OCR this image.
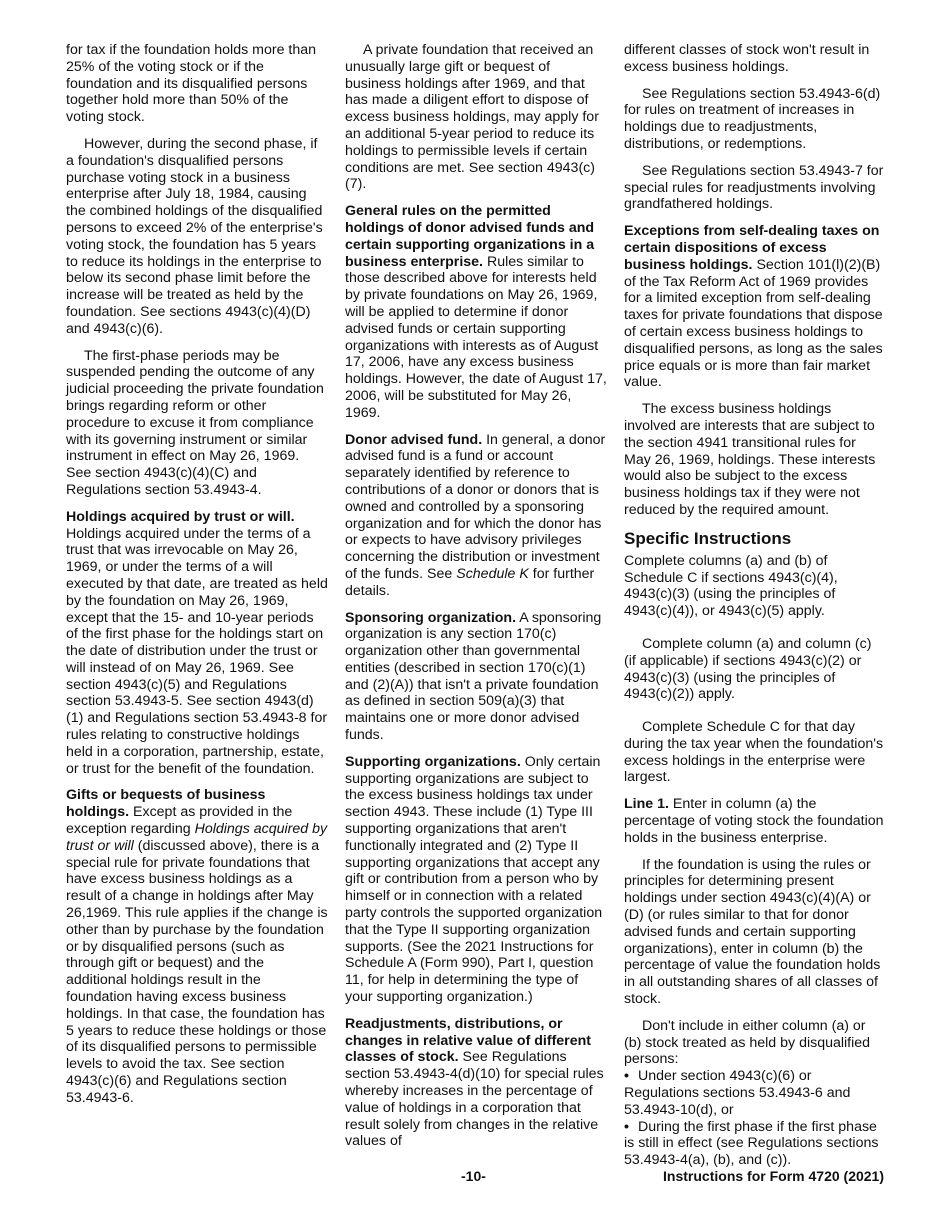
for tax if the foundation holds more than 25% of the voting stock or if the foundation and its disqualified persons together hold more than 50% of the voting stock.

However, during the second phase, if a foundation's disqualified persons purchase voting stock in a business enterprise after July 18, 1984, causing the combined holdings of the disqualified persons to exceed 2% of the enterprise's voting stock, the foundation has 5 years to reduce its holdings in the enterprise to below its second phase limit before the increase will be treated as held by the foundation. See sections 4943(c)(4)(D) and 4943(c)(6).

The first-phase periods may be suspended pending the outcome of any judicial proceeding the private foundation brings regarding reform or other procedure to excuse it from compliance with its governing instrument or similar instrument in effect on May 26, 1969. See section 4943(c)(4)(C) and Regulations section 53.4943-4.

Holdings acquired by trust or will.
Holdings acquired under the terms of a trust that was irrevocable on May 26, 1969, or under the terms of a will executed by that date, are treated as held by the foundation on May 26, 1969, except that the 15- and 10-year periods of the first phase for the holdings start on the date of distribution under the trust or will instead of on May 26, 1969. See section 4943(c)(5) and Regulations section 53.4943-5. See section 4943(d)(1) and Regulations section 53.4943-8 for rules relating to constructive holdings held in a corporation, partnership, estate, or trust for the benefit of the foundation.

Gifts or bequests of business holdings. Except as provided in the exception regarding Holdings acquired by trust or will (discussed above), there is a special rule for private foundations that have excess business holdings as a result of a change in holdings after May 26,1969. This rule applies if the change is other than by purchase by the foundation or by disqualified persons (such as through gift or bequest) and the additional holdings result in the foundation having excess business holdings. In that case, the foundation has 5 years to reduce these holdings or those of its disqualified persons to permissible levels to avoid the tax. See section 4943(c)(6) and Regulations section 53.4943-6.

A private foundation that received an unusually large gift or bequest of business holdings after 1969, and that has made a diligent effort to dispose of excess business holdings, may apply for an additional 5-year period to reduce its holdings to permissible levels if certain conditions are met. See section 4943(c)(7).

General rules on the permitted holdings of donor advised funds and certain supporting organizations in a business enterprise. Rules similar to those described above for interests held by private foundations on May 26, 1969, will be applied to determine if donor advised funds or certain supporting organizations with interests as of August 17, 2006, have any excess business holdings. However, the date of August 17, 2006, will be substituted for May 26, 1969.

Donor advised fund. In general, a donor advised fund is a fund or account separately identified by reference to contributions of a donor or donors that is owned and controlled by a sponsoring organization and for which the donor has or expects to have advisory privileges concerning the distribution or investment of the funds. See Schedule K for further details.

Sponsoring organization. A sponsoring organization is any section 170(c) organization other than governmental entities (described in section 170(c)(1) and (2)(A)) that isn't a private foundation as defined in section 509(a)(3) that maintains one or more donor advised funds.

Supporting organizations. Only certain supporting organizations are subject to the excess business holdings tax under section 4943. These include (1) Type III supporting organizations that aren't functionally integrated and (2) Type II supporting organizations that accept any gift or contribution from a person who by himself or in connection with a related party controls the supported organization that the Type II supporting organization supports. (See the 2021 Instructions for Schedule A (Form 990), Part I, question 11, for help in determining the type of your supporting organization.)

Readjustments, distributions, or changes in relative value of different classes of stock. See Regulations section 53.4943-4(d)(10) for special rules whereby increases in the percentage of value of holdings in a corporation that result solely from changes in the relative values of

different classes of stock won't result in excess business holdings.

See Regulations section 53.4943-6(d) for rules on treatment of increases in holdings due to readjustments, distributions, or redemptions.

See Regulations section 53.4943-7 for special rules for readjustments involving grandfathered holdings.

Exceptions from self-dealing taxes on certain dispositions of excess business holdings. Section 101(l)(2)(B) of the Tax Reform Act of 1969 provides for a limited exception from self-dealing taxes for private foundations that dispose of certain excess business holdings to disqualified persons, as long as the sales price equals or is more than fair market value.

The excess business holdings involved are interests that are subject to the section 4941 transitional rules for May 26, 1969, holdings. These interests would also be subject to the excess business holdings tax if they were not reduced by the required amount.

Specific Instructions

Complete columns (a) and (b) of Schedule C if sections 4943(c)(4), 4943(c)(3) (using the principles of 4943(c)(4)), or 4943(c)(5) apply.

Complete column (a) and column (c) (if applicable) if sections 4943(c)(2) or 4943(c)(3) (using the principles of 4943(c)(2)) apply.

Complete Schedule C for that day during the tax year when the foundation's excess holdings in the enterprise were largest.

Line 1. Enter in column (a) the percentage of voting stock the foundation holds in the business enterprise.

If the foundation is using the rules or principles for determining present holdings under section 4943(c)(4)(A) or (D) (or rules similar to that for donor advised funds and certain supporting organizations), enter in column (b) the percentage of value the foundation holds in all outstanding shares of all classes of stock.

Don't include in either column (a) or (b) stock treated as held by disqualified persons:

• Under section 4943(c)(6) or Regulations sections 53.4943-6 and 53.4943-10(d), or

• During the first phase if the first phase is still in effect (see Regulations sections 53.4943-4(a), (b), and (c)).

-10-	Instructions for Form 4720 (2021)
